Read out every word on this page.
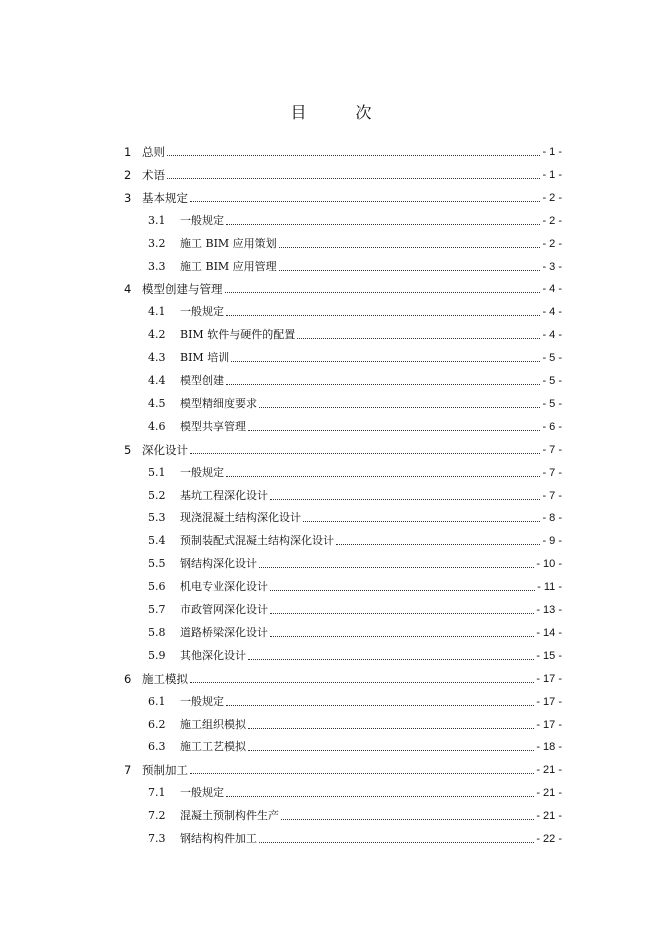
目 次
1 总则	- 1 -
2 术语	- 1 -
3 基本规定	- 2 -
3.1	一般规定	- 2 -
3.2	施工 BIM 应用策划	- 2 -
3.3	施工 BIM 应用管理	- 3 -
4 模型创建与管理	- 4 -
4.1	一般规定	- 4 -
4.2	BIM 软件与硬件的配置	- 4 -
4.3	BIM 培训	- 5 -
4.4	模型创建	- 5 -
4.5	模型精细度要求	- 5 -
4.6	模型共享管理	- 6 -
5 深化设计	- 7 -
5.1	一般规定	- 7 -
5.2	基坑工程深化设计	- 7 -
5.3	现浇混凝土结构深化设计	- 8 -
5.4	预制装配式混凝土结构深化设计	- 9 -
5.5	钢结构深化设计	- 10 -
5.6	机电专业深化设计	- 11 -
5.7	市政管网深化设计	- 13 -
5.8	道路桥梁深化设计	- 14 -
5.9	其他深化设计	- 15 -
6 施工模拟	- 17 -
6.1	一般规定	- 17 -
6.2	施工组织模拟	- 17 -
6.3	施工工艺模拟	- 18 -
7 预制加工	- 21 -
7.1	一般规定	- 21 -
7.2	混凝土预制构件生产	- 21 -
7.3	钢结构构件加工	- 22 -
